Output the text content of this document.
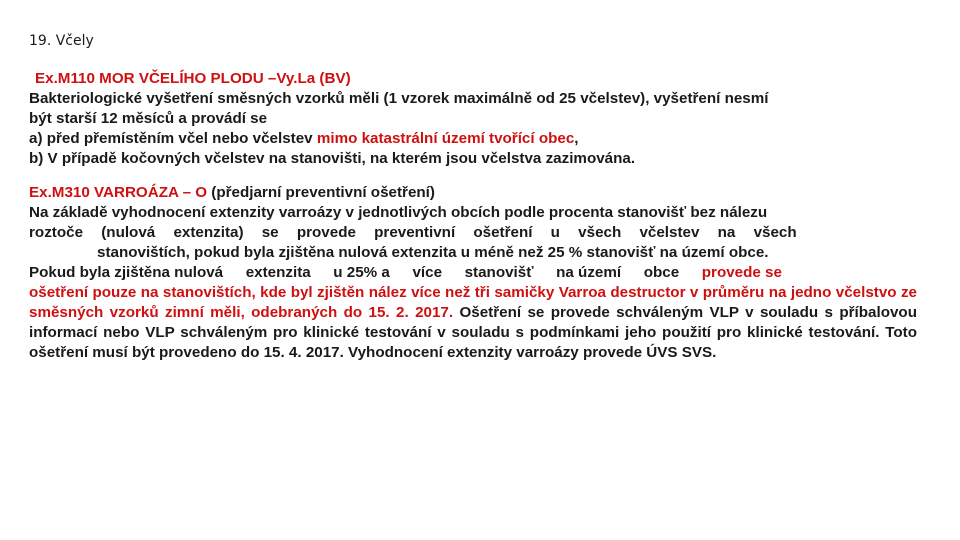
19. Včely

Ex.M110 MOR VČELÍHO PLODU –Vy.La (BV)

Bakteriologické vyšetření směsných vzorků měli (1 vzorek maximálně od 25 včelstev), vyšetření nesmí

být starší 12 měsíců a provádí se

a) před přemístěním včel nebo včelstev mimo katastrální území tvořící obec,

b) V případě kočovných včelstev na stanovišti, na kterém jsou včelstva zazimována.

Ex.M310 VARROÁZA – O (předjarní preventivní ošetření)

Na základě vyhodnocení extenzity varroázy v jednotlivých obcích podle procenta stanovišť bez nálezu

roztoče (nulová extenzita) se provede preventivní ošetření u všech včelstev na všech

stanovištích, pokud byla zjištěna nulová extenzita u méně než 25 % stanovišť na území obce.

Pokud byla zjištěna nulová extenzita u 25% a více stanovišť na území obce provede se

ošetření pouze na stanovištích, kde byl zjištěn nález více než tři samičky Varroa destructor v průměru na jedno včelstvo ze směsných vzorků zimní měli, odebraných do 15. 2. 2017. Ošetření se provede schváleným VLP v souladu s příbalovou informací nebo VLP schváleným pro klinické testování v souladu s podmínkami jeho použití pro klinické testování. Toto ošetření musí být provedeno do 15. 4. 2017. Vyhodnocení extenzity varroázy provede ÚVS SVS.
